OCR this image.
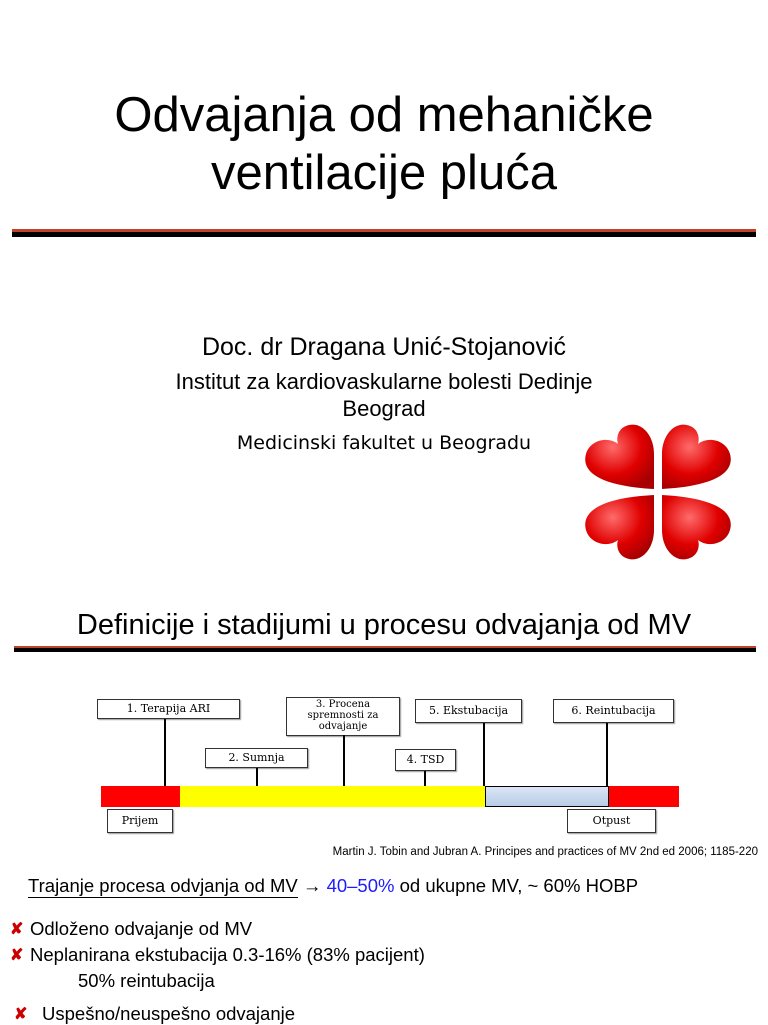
Odvajanja od mehaničke
ventilacije pluća
Doc. dr Dragana Unić-Stojanović
Institut za kardiovaskularne bolesti Dedinje
Beograd
Medicinski fakultet u Beogradu
Definicije i stadijumi u procesu odvajanja od MV
1. Terapija ARI	3. Procena spremnosti za odvajanje
5. Ekstubacija	6. Reintubacija
2. Sumnja	4. TSD
Prijem	Otpust
Martin J. Tobin and Jubran A. Principes and practices of MV 2nd ed 2006; 1185-220
Trajanje procesa odvjanja od MV → 40–50% od ukupne MV, ~ 60% HOBP
✘ Odloženo odvajanje od MV
✘ Neplanirana ekstubacija 0.3-16% (83% pacijent)
50% reintubacija
✘ Uspešno/neuspešno odvajanje
